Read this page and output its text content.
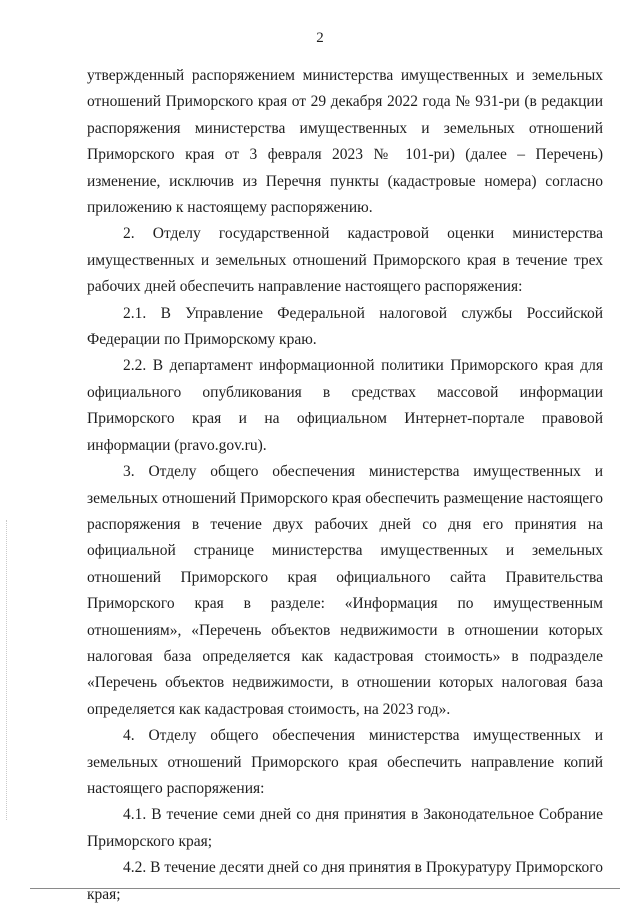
2

утвержденный распоряжением министерства имущественных и земельных отношений Приморского края от 29 декабря 2022 года № 931-ри (в редакции распоряжения министерства имущественных и земельных отношений Приморского края от 3 февраля 2023 № 101-ри) (далее – Перечень) изменение, исключив из Перечня пункты (кадастровые номера) согласно приложению к настоящему распоряжению.

2. Отделу государственной кадастровой оценки министерства имущественных и земельных отношений Приморского края в течение трех рабочих дней обеспечить направление настоящего распоряжения:

2.1. В Управление Федеральной налоговой службы Российской Федерации по Приморскому краю.

2.2. В департамент информационной политики Приморского края для официального опубликования в средствах массовой информации Приморского края и на официальном Интернет-портале правовой информации (pravo.gov.ru).

3. Отделу общего обеспечения министерства имущественных и земельных отношений Приморского края обеспечить размещение настоящего распоряжения в течение двух рабочих дней со дня его принятия на официальной странице министерства имущественных и земельных отношений Приморского края официального сайта Правительства Приморского края в разделе: «Информация по имущественным отношениям», «Перечень объектов недвижимости в отношении которых налоговая база определяется как кадастровая стоимость» в подразделе «Перечень объектов недвижимости, в отношении которых налоговая база определяется как кадастровая стоимость, на 2023 год».

4. Отделу общего обеспечения министерства имущественных и земельных отношений Приморского края обеспечить направление копий настоящего распоряжения:

4.1. В течение семи дней со дня принятия в Законодательное Собрание Приморского края;

4.2. В течение десяти дней со дня принятия в Прокуратуру Приморского края;
